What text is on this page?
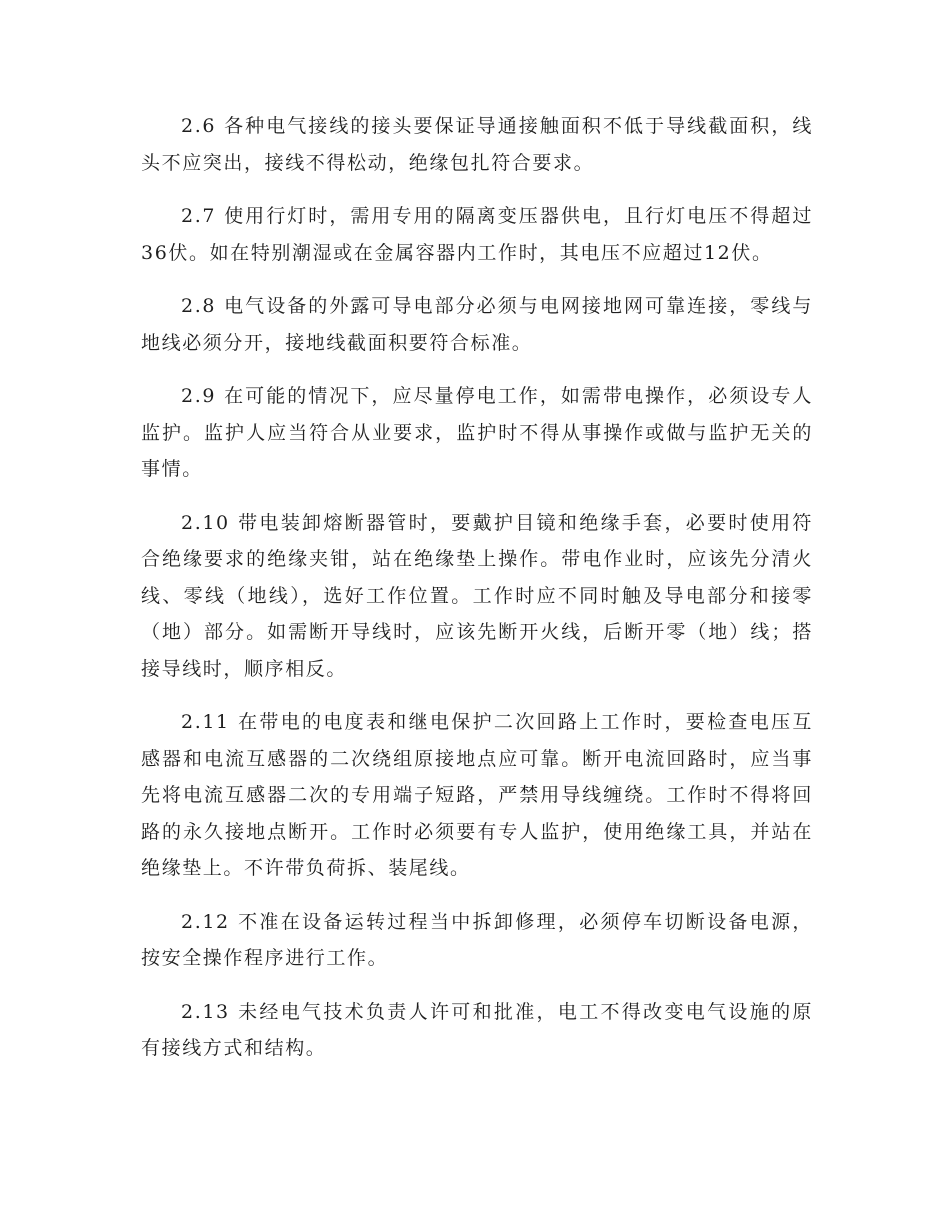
2.6 各种电气接线的接头要保证导通接触面积不低于导线截面积，线头不应突出，接线不得松动，绝缘包扎符合要求。

2.7 使用行灯时，需用专用的隔离变压器供电，且行灯电压不得超过36伏。如在特别潮湿或在金属容器内工作时，其电压不应超过12伏。

2.8 电气设备的外露可导电部分必须与电网接地网可靠连接，零线与地线必须分开，接地线截面积要符合标准。

2.9 在可能的情况下，应尽量停电工作，如需带电操作，必须设专人监护。监护人应当符合从业要求，监护时不得从事操作或做与监护无关的事情。

2.10 带电装卸熔断器管时，要戴护目镜和绝缘手套，必要时使用符合绝缘要求的绝缘夹钳，站在绝缘垫上操作。带电作业时，应该先分清火线、零线（地线），选好工作位置。工作时应不同时触及导电部分和接零（地）部分。如需断开导线时，应该先断开火线，后断开零（地）线；搭接导线时，顺序相反。

2.11 在带电的电度表和继电保护二次回路上工作时，要检查电压互感器和电流互感器的二次绕组原接地点应可靠。断开电流回路时，应当事先将电流互感器二次的专用端子短路，严禁用导线缠绕。工作时不得将回路的永久接地点断开。工作时必须要有专人监护，使用绝缘工具，并站在绝缘垫上。不许带负荷拆、装尾线。

2.12 不准在设备运转过程当中拆卸修理，必须停车切断设备电源，按安全操作程序进行工作。

2.13 未经电气技术负责人许可和批准，电工不得改变电气设施的原有接线方式和结构。
